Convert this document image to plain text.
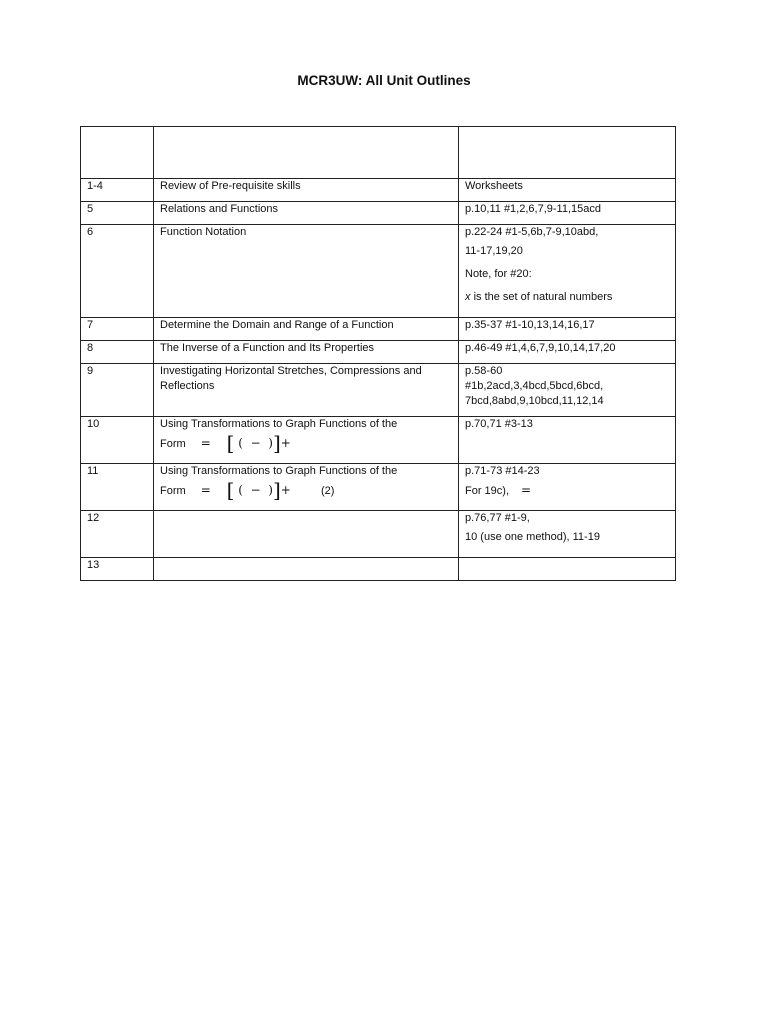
MCR3UW: All Unit Outlines

1-4	Review of Pre-requisite skills	Worksheets
5	Relations and Functions	p.10,11 #1,2,6,7,9-11,15acd
6	Function Notation	p.22-24 #1-5,6b,7-9,10abd,
11-17,19,20
Note, for #20:
x is the set of natural numbers

7	Determine the Domain and Range of a Function	p.35-37 #1-10,13,14,16,17
8	The Inverse of a Function and Its Properties	p.46-49 #1,4,6,7,9,10,14,17,20
9	Investigating Horizontal Stretches, Compressions and Reflections	p.58-60
#1b,2acd,3,4bcd,5bcd,6bcd,
7bcd,8abd,9,10bcd,11,12,14
10	Using Transformations to Graph Functions of the
Form = [ ( − )]+	p.70,71 #3-13
11	Using Transformations to Graph Functions of the
Form = [ ( − )]+ (2)	p.71-73 #14-23
For 19c), =

12		p.76,77 #1-9,
10 (use one method), 11-19

13		
